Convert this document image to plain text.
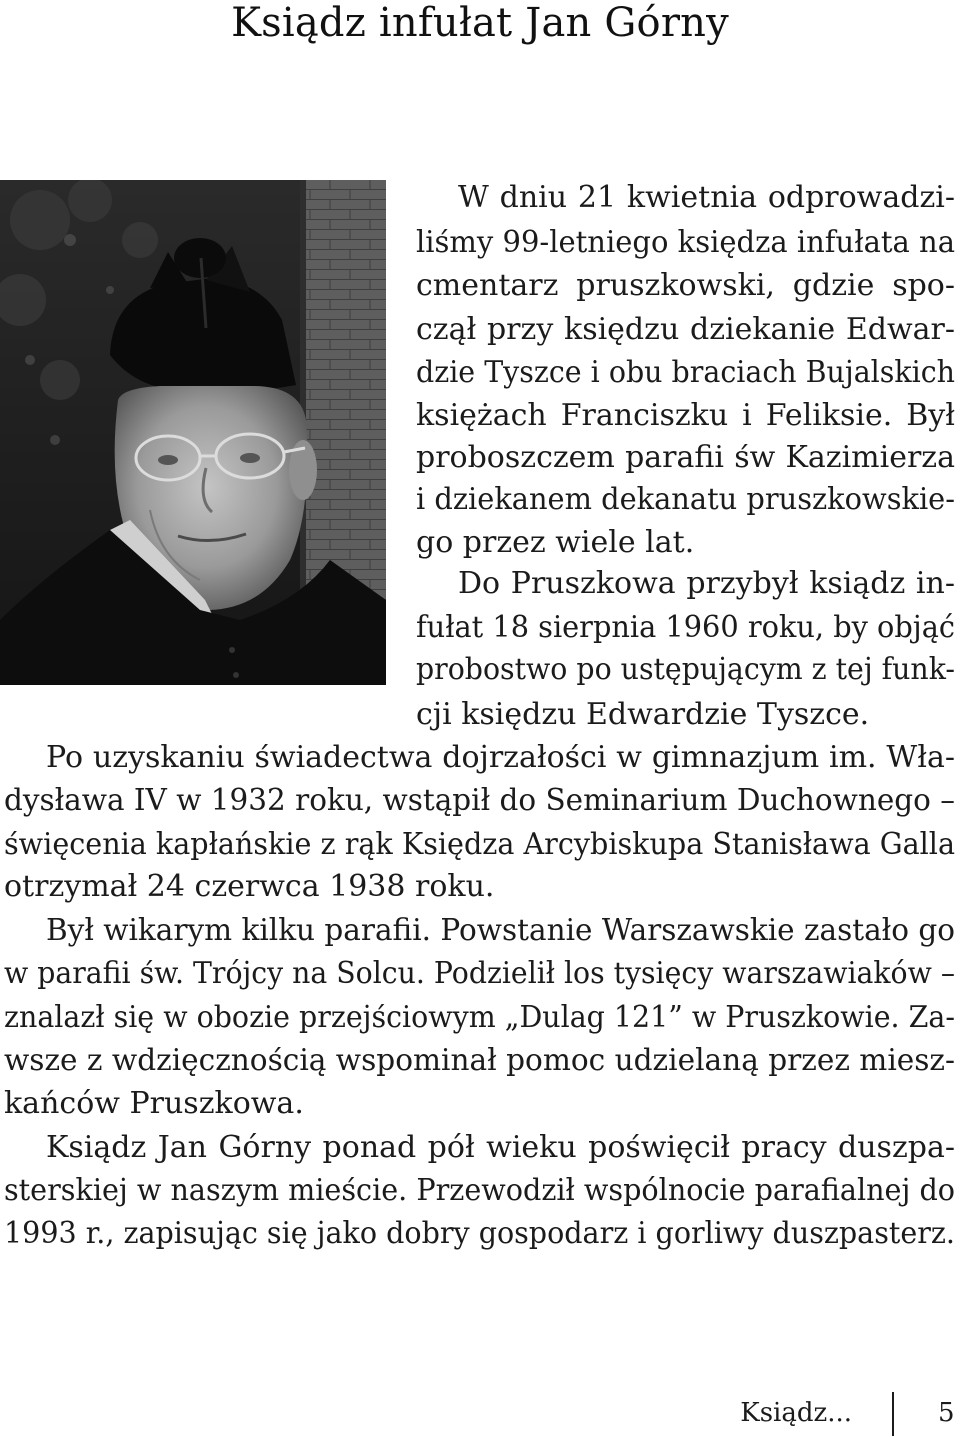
Ksiądz infułat Jan Górny
W dniu 21 kwietnia odprowadzi-
liśmy 99-letniego księdza infułata na
cmentarz pruszkowski, gdzie spo-
czął przy księdzu dziekanie Edwar-
dzie Tyszce i obu braciach Bujalskich
księżach Franciszku i Feliksie. Był
proboszczem parafii św Kazimierza
i dziekanem dekanatu pruszkowskie-
go przez wiele lat.
Do Pruszkowa przybył ksiądz in-
fułat 18 sierpnia 1960 roku, by objąć
probostwo po ustępującym z tej funk-
cji księdzu Edwardzie Tyszce.
Po uzyskaniu świadectwa dojrzałości w gimnazjum im. Wła-
dysława IV w 1932 roku, wstąpił do Seminarium Duchownego –
święcenia kapłańskie z rąk Księdza Arcybiskupa Stanisława Galla
otrzymał 24 czerwca 1938 roku.
Był wikarym kilku parafii. Powstanie Warszawskie zastało go
w parafii św. Trójcy na Solcu. Podzielił los tysięcy warszawiaków –
znalazł się w obozie przejściowym „Dulag 121” w Pruszkowie. Za-
wsze z wdzięcznością wspominał pomoc udzielaną przez miesz-
kańców Pruszkowa.
Ksiądz Jan Górny ponad pół wieku poświęcił pracy duszpa-
sterskiej w naszym mieście. Przewodził wspólnocie parafialnej do
1993 r., zapisując się jako dobry gospodarz i gorliwy duszpasterz.
Ksiądz...	5
